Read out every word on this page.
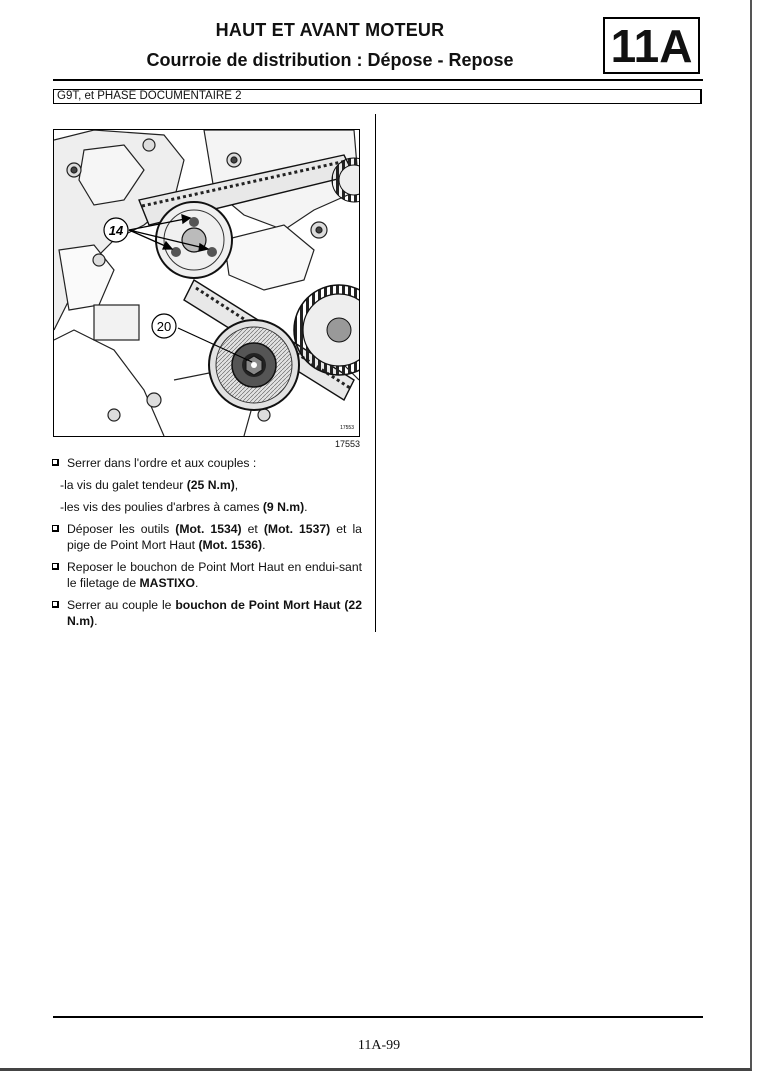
HAUT ET AVANT MOTEUR
Courroie de distribution : Dépose - Repose	11A
G9T, et PHASE DOCUMENTAIRE 2
14
20
17553
17553
Serrer dans l'ordre et aux couples :
-la vis du galet tendeur (25 N.m),
-les vis des poulies d'arbres à cames (9 N.m).
Déposer les outils (Mot. 1534) et (Mot. 1537) et la pige de Point Mort Haut (Mot. 1536).
Reposer le bouchon de Point Mort Haut en endui-sant le filetage de MASTIXO.
Serrer au couple le bouchon de Point Mort Haut (22 N.m).
11A-99
